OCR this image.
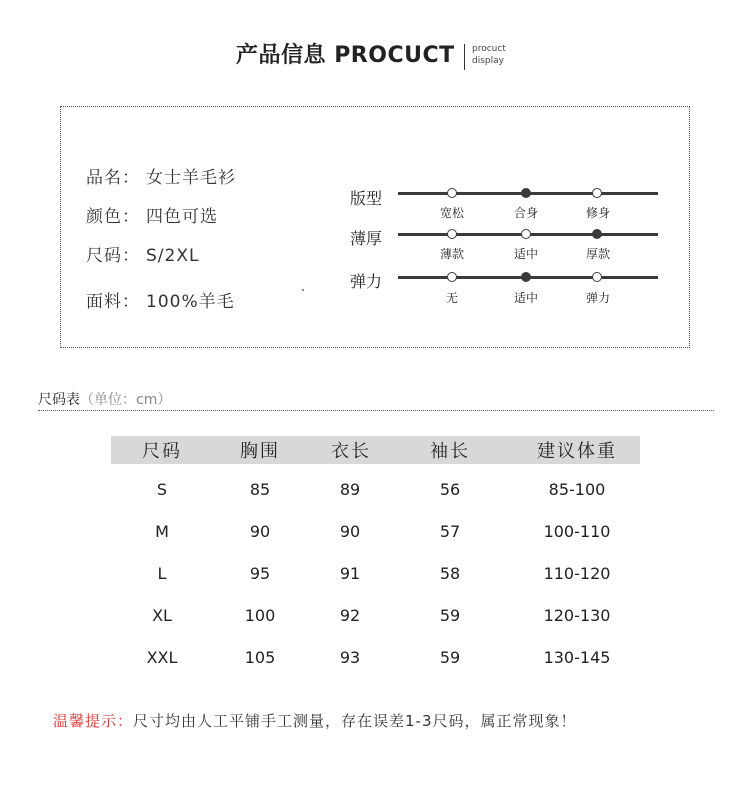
产品信息 PROCUCT procuct
display
品名： 女士羊毛衫
颜色： 四色可选
尺码： S/2XL
面料： 100%羊毛
版型
宽松	合身	修身
薄厚
薄款	适中	厚款
弹力
无	适中	弹力
尺码表（单位：cm）
尺码	胸围	衣长	袖长	建议体重
S	85	89	56	85-100
M	90	90	57	100-110
L	95	91	58	110-120
XL	100	92	59	120-130
XXL	105	93	59	130-145
温馨提示：尺寸均由人工平铺手工测量，存在误差1-3尺码，属正常现象！
